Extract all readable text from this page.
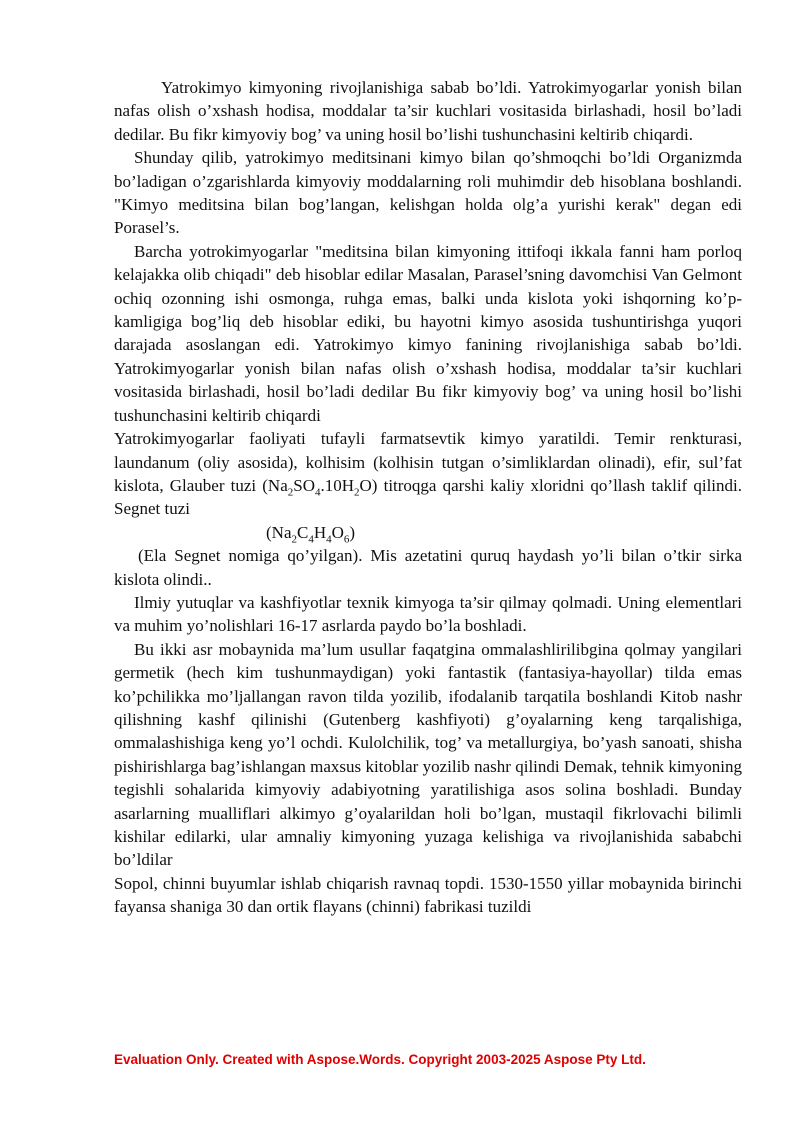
Yatrokimyo kimyoning rivojlanishiga sabab bo’ldi. Yatrokimyogarlar yonish bilan nafas olish o’xshash hodisa, moddalar ta’sir kuchlari vositasida birlashadi, hosil bo’ladi dedilar. Bu fikr kimyoviy bog’ va uning hosil bo’lishi tushunchasini keltirib chiqardi.

Shunday qilib, yatrokimyo meditsinani kimyo bilan qo’shmoqchi bo’ldi Organizmda bo’ladigan o’zgarishlarda kimyoviy moddalarning roli muhimdir deb hisoblana boshlandi. "Kimyo meditsina bilan bog’langan, kelishgan holda olg’a yurishi kerak" degan edi Porasel’s.

Barcha yotrokimyogarlar "meditsina bilan kimyoning ittifoqi ikkala fanni ham porloq kelajakka olib chiqadi" deb hisoblar edilar Masalan, Parasel’sning davomchisi Van Gelmont ochiq ozonning ishi osmonga, ruhga emas, balki unda kislota yoki ishqorning ko’p-kamligiga bog’liq deb hisoblar ediki, bu hayotni kimyo asosida tushuntirishga yuqori darajada asoslangan edi. Yatrokimyo kimyo fanining rivojlanishiga sabab bo’ldi. Yatrokimyogarlar yonish bilan nafas olish o’xshash hodisa, moddalar ta’sir kuchlari vositasida birlashadi, hosil bo’ladi dedilar Bu fikr kimyoviy bog’ va uning hosil bo’lishi tushunchasini keltirib chiqardi

Yatrokimyogarlar faoliyati tufayli farmatsevtik kimyo yaratildi. Temir renkturasi, laundanum (oliy asosida), kolhisim (kolhisin tutgan o’simliklardan olinadi), efir, sul’fat kislota, Glauber tuzi $(Na_2SO_4.10H_2O)$ titroqga qarshi kaliy xloridni qo’llash taklif qilindi. Segnet tuzi

$(Na_2C_4H_4O_6)$

(Ela Segnet nomiga qo’yilgan). Mis azetatini quruq haydash yo’li bilan o’tkir sirka kislota olindi..

Ilmiy yutuqlar va kashfiyotlar texnik kimyoga ta’sir qilmay qolmadi. Uning elementlari va muhim yo’nolishlari 16-17 asrlarda paydo bo’la boshladi.

Bu ikki asr mobaynida ma’lum usullar faqatgina ommalashlirilibgina qolmay yangilari germetik (hech kim tushunmaydigan) yoki fantastik (fantasiya-hayollar) tilda emas ko’pchilikka mo’ljallangan ravon tilda yozilib, ifodalanib tarqatila boshlandi Kitob nashr qilishning kashf qilinishi (Gutenberg kashfiyoti) g’oyalarning keng tarqalishiga, ommalashishiga keng yo’l ochdi. Kulolchilik, tog’ va metallurgiya, bo’yash sanoati, shisha pishirishlarga bag’ishlangan maxsus kitoblar yozilib nashr qilindi Demak, tehnik kimyoning tegishli sohalarida kimyoviy adabiyotning yaratilishiga asos solina boshladi. Bunday asarlarning mualliflari alkimyo g’oyalarildan holi bo’lgan, mustaqil fikrlovachi bilimli kishilar edilarki, ular amnaliy kimyoning yuzaga kelishiga va rivojlanishida sababchi bo’ldilar

Sopol, chinni buyumlar ishlab chiqarish ravnaq topdi. 1530-1550 yillar mobaynida birinchi fayansa shaniga 30 dan ortik flayans (chinni) fabrikasi tuzildi

Evaluation Only. Created with Aspose.Words. Copyright 2003-2025 Aspose Pty Ltd.
